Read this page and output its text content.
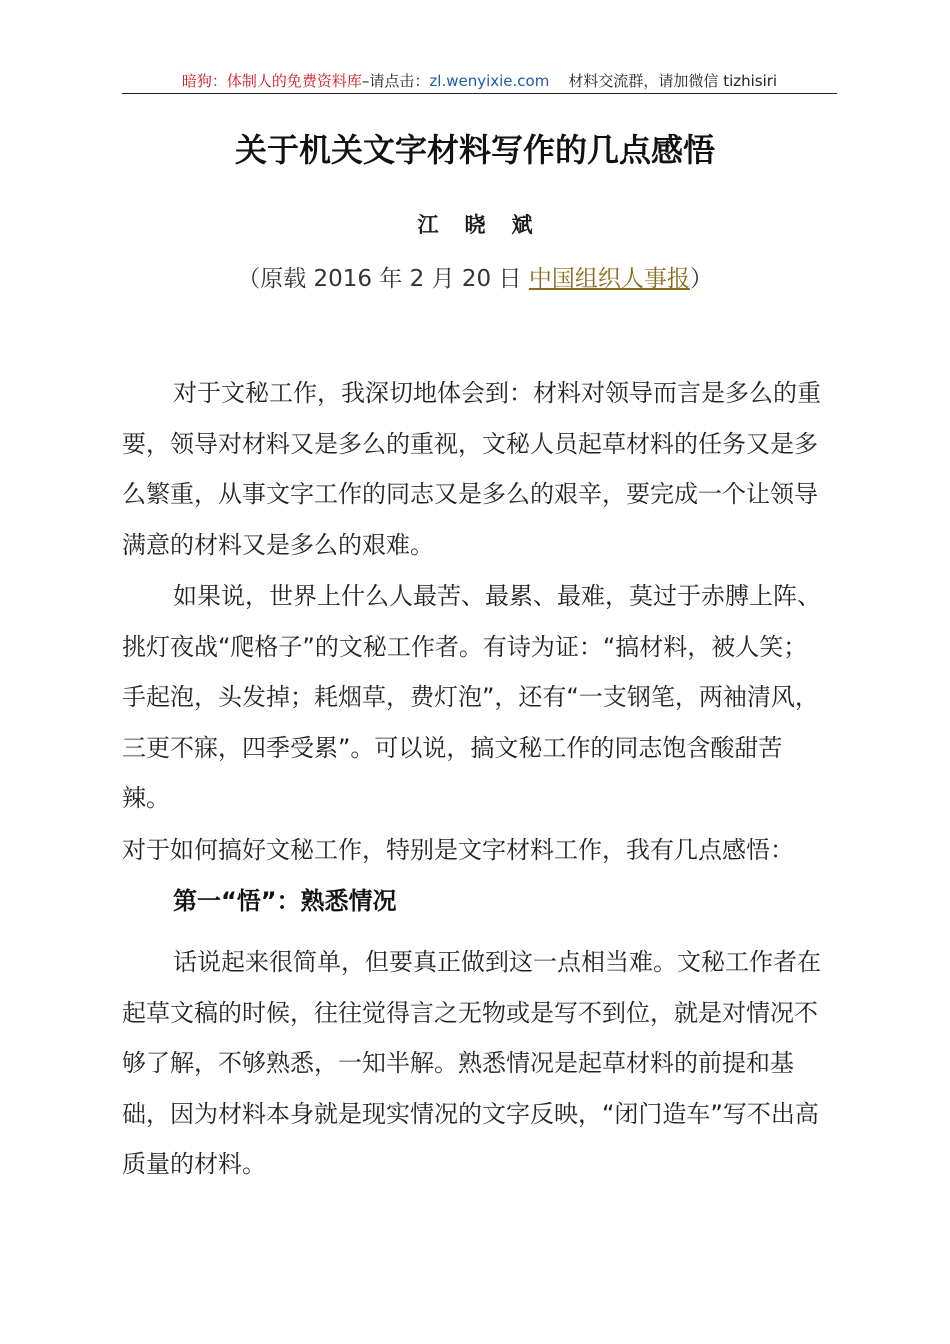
暗狗：体制人的免费资料库–请点击：zl.wenyixie.com 材料交流群，请加微信 tizhisiri
关于机关文字材料写作的几点感悟
江晓斌
（原载 2016 年 2 月 20 日 中国组织人事报）

对于文秘工作，我深切地体会到：材料对领导而言是多么的重要，领导对材料又是多么的重视，文秘人员起草材料的任务又是多么繁重，从事文字工作的同志又是多么的艰辛，要完成一个让领导满意的材料又是多么的艰难。

如果说，世界上什么人最苦、最累、最难，莫过于赤膊上阵、挑灯夜战“爬格子”的文秘工作者。有诗为证：“搞材料，被人笑；手起泡，头发掉；耗烟草，费灯泡”，还有“一支钢笔，两袖清风，三更不寐，四季受累”。可以说，搞文秘工作的同志饱含酸甜苦辣。

对于如何搞好文秘工作，特别是文字材料工作，我有几点感悟：

第一“悟”：熟悉情况

话说起来很简单，但要真正做到这一点相当难。文秘工作者在起草文稿的时候，往往觉得言之无物或是写不到位，就是对情况不够了解，不够熟悉，一知半解。熟悉情况是起草材料的前提和基础，因为材料本身就是现实情况的文字反映，“闭门造车”写不出高质量的材料。
